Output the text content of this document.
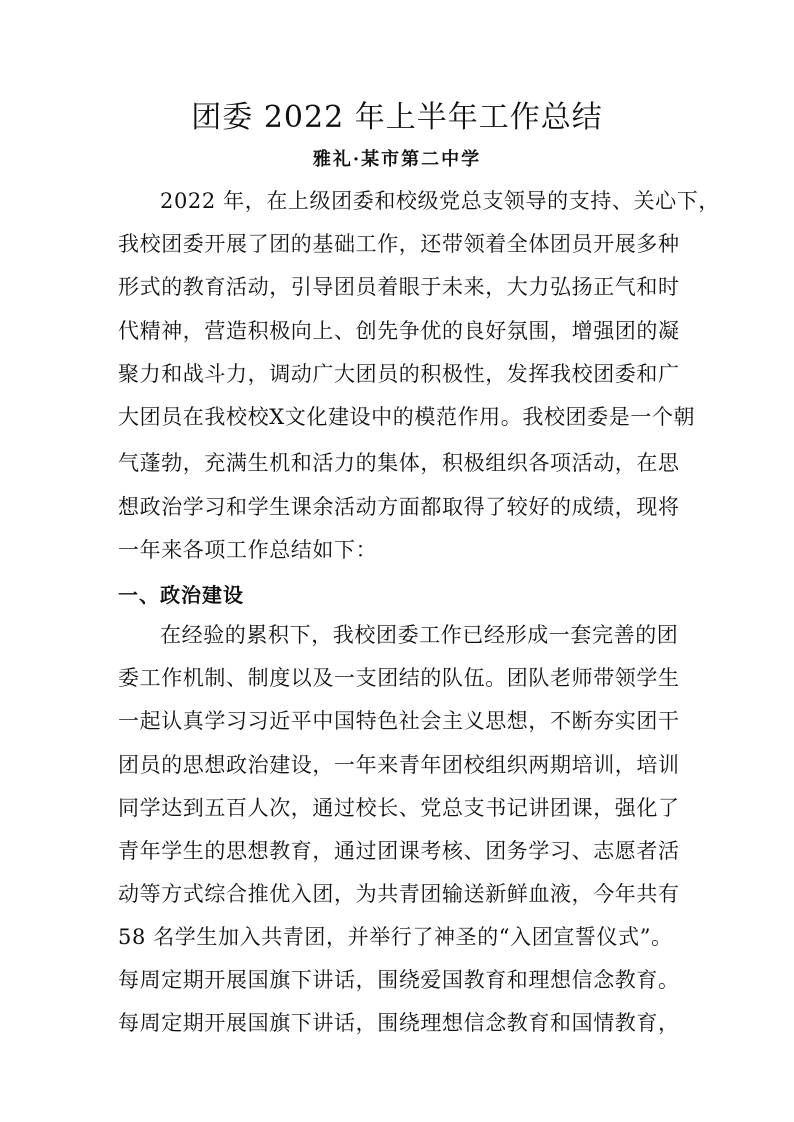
团委 2022 年上半年工作总结
雅礼·某市第二中学
2022 年，在上级团委和校级党总支领导的支持、关心下，
我校团委开展了团的基础工作，还带领着全体团员开展多种
形式的教育活动，引导团员着眼于未来，大力弘扬正气和时
代精神，营造积极向上、创先争优的良好氛围，增强团的凝
聚力和战斗力，调动广大团员的积极性，发挥我校团委和广
大团员在我校校X文化建设中的模范作用。我校团委是一个朝
气蓬勃，充满生机和活力的集体，积极组织各项活动，在思
想政治学习和学生课余活动方面都取得了较好的成绩，现将
一年来各项工作总结如下：
一、政治建设
在经验的累积下，我校团委工作已经形成一套完善的团
委工作机制、制度以及一支团结的队伍。团队老师带领学生
一起认真学习习近平中国特色社会主义思想，不断夯实团干
团员的思想政治建设，一年来青年团校组织两期培训，培训
同学达到五百人次，通过校长、党总支书记讲团课，强化了
青年学生的思想教育，通过团课考核、团务学习、志愿者活
动等方式综合推优入团，为共青团输送新鲜血液，今年共有
58 名学生加入共青团，并举行了神圣的“入团宣誓仪式”。
每周定期开展国旗下讲话，围绕爱国教育和理想信念教育。
每周定期开展国旗下讲话，围绕理想信念教育和国情教育，
